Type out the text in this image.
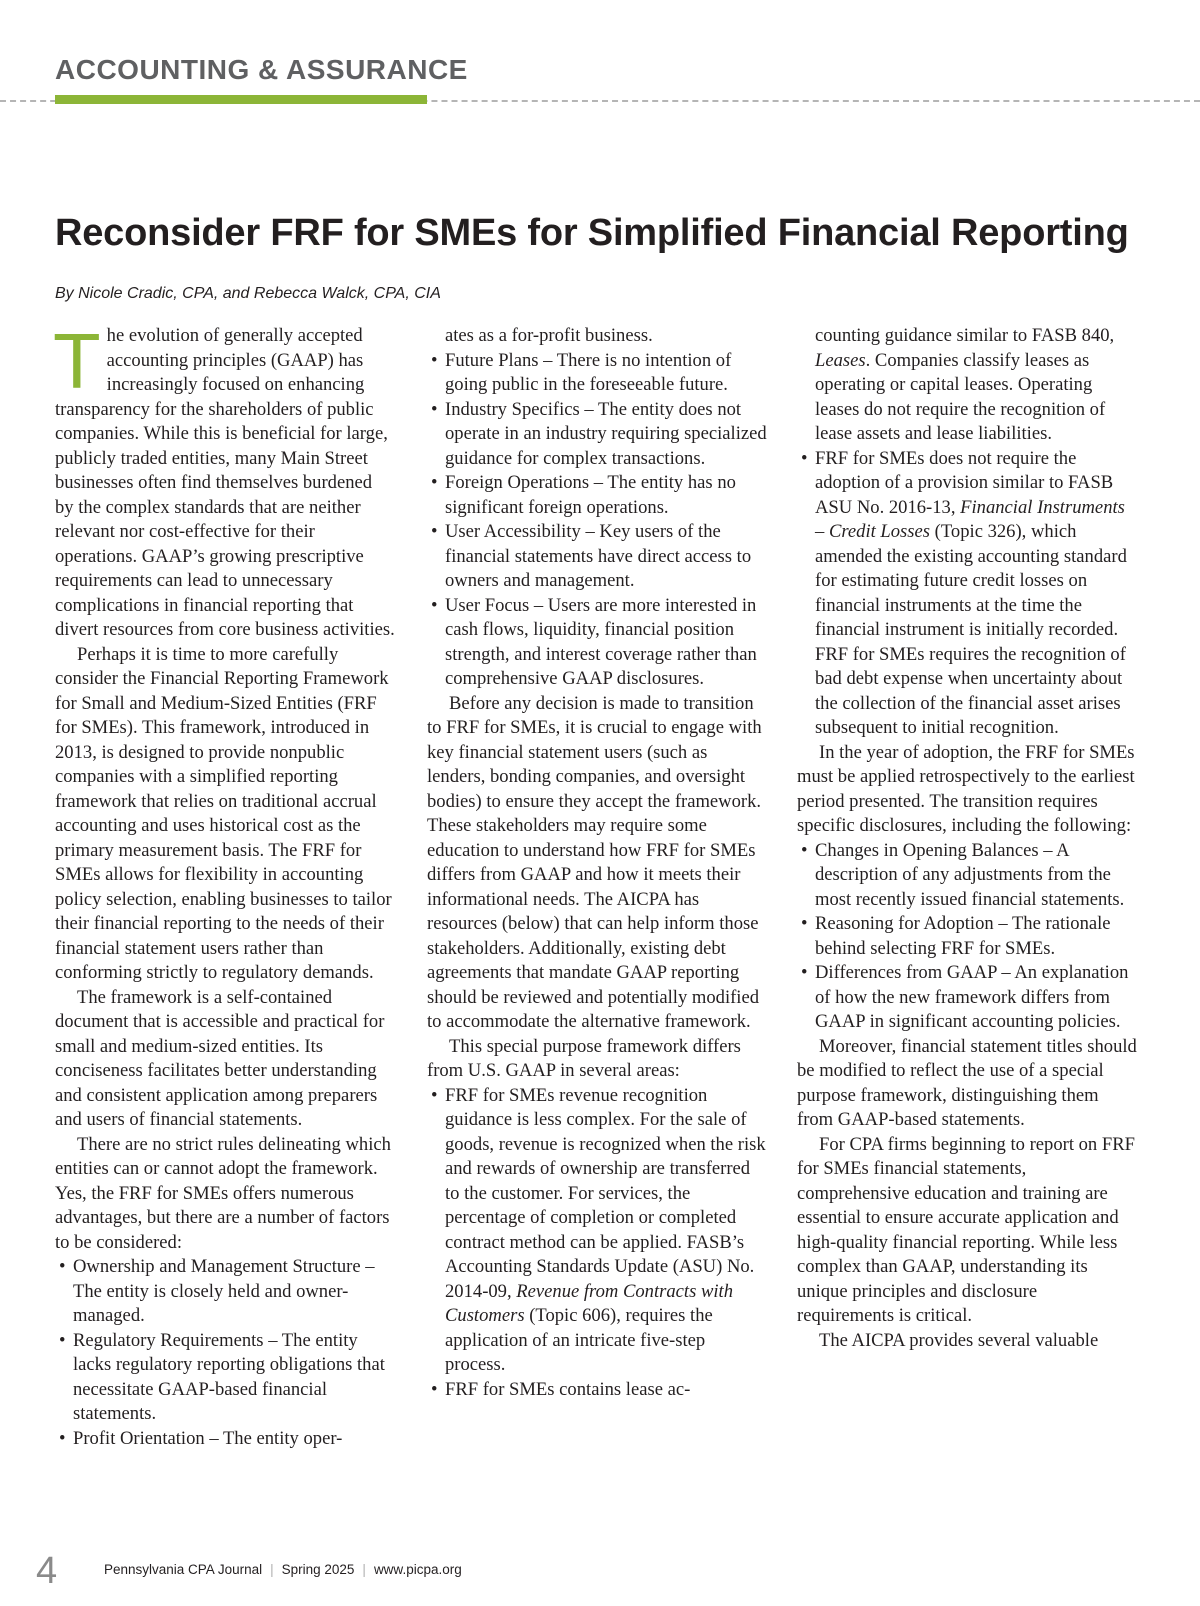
ACCOUNTING & ASSURANCE
Reconsider FRF for SMEs for Simplified Financial Reporting
By Nicole Cradic, CPA, and Rebecca Walck, CPA, CIA

The evolution of generally accepted accounting principles (GAAP) has increasingly focused on enhancing transparency for the shareholders of public companies. While this is beneficial for large, publicly traded entities, many Main Street businesses often find themselves burdened by the complex standards that are neither relevant nor cost-effective for their operations. GAAP’s growing prescriptive requirements can lead to unnecessary complications in financial reporting that divert resources from core business activities.

Perhaps it is time to more carefully consider the Financial Reporting Framework for Small and Medium-Sized Entities (FRF for SMEs). This framework, introduced in 2013, is designed to provide nonpublic companies with a simplified reporting framework that relies on traditional accrual accounting and uses historical cost as the primary measurement basis. The FRF for SMEs allows for flexibility in accounting policy selection, enabling businesses to tailor their financial reporting to the needs of their financial statement users rather than conforming strictly to regulatory demands.

The framework is a self-contained document that is accessible and practical for small and medium-sized entities. Its conciseness facilitates better understanding and consistent application among preparers and users of financial statements.

There are no strict rules delineating which entities can or cannot adopt the framework. Yes, the FRF for SMEs offers numerous advantages, but there are a number of factors to be considered:

• Ownership and Management Structure – The entity is closely held and owner-managed.
• Regulatory Requirements – The entity lacks regulatory reporting obligations that necessitate GAAP-based financial statements.
• Profit Orientation – The entity oper-
ates as a for-profit business.
• Future Plans – There is no intention of going public in the foreseeable future.
• Industry Specifics – The entity does not operate in an industry requiring specialized guidance for complex transactions.
• Foreign Operations – The entity has no significant foreign operations.
• User Accessibility – Key users of the financial statements have direct access to owners and management.
• User Focus – Users are more interested in cash flows, liquidity, financial position strength, and interest coverage rather than comprehensive GAAP disclosures.

Before any decision is made to transition to FRF for SMEs, it is crucial to engage with key financial statement users (such as lenders, bonding companies, and oversight bodies) to ensure they accept the framework. These stakeholders may require some education to understand how FRF for SMEs differs from GAAP and how it meets their informational needs. The AICPA has resources (below) that can help inform those stakeholders. Additionally, existing debt agreements that mandate GAAP reporting should be reviewed and potentially modified to accommodate the alternative framework.

This special purpose framework differs from U.S. GAAP in several areas:

• FRF for SMEs revenue recognition guidance is less complex. For the sale of goods, revenue is recognized when the risk and rewards of ownership are transferred to the customer. For services, the percentage of completion or completed contract method can be applied. FASB’s Accounting Standards Update (ASU) No. 2014-09, Revenue from Contracts with Customers (Topic 606), requires the application of an intricate five-step process.
• FRF for SMEs contains lease ac-
counting guidance similar to FASB 840, Leases. Companies classify leases as operating or capital leases. Operating leases do not require the recognition of lease assets and lease liabilities.
• FRF for SMEs does not require the adoption of a provision similar to FASB ASU No. 2016-13, Financial Instruments – Credit Losses (Topic 326), which amended the existing accounting standard for estimating future credit losses on financial instruments at the time the financial instrument is initially recorded. FRF for SMEs requires the recognition of bad debt expense when uncertainty about the collection of the financial asset arises subsequent to initial recognition.

In the year of adoption, the FRF for SMEs must be applied retrospectively to the earliest period presented. The transition requires specific disclosures, including the following:

• Changes in Opening Balances – A description of any adjustments from the most recently issued financial statements.
• Reasoning for Adoption – The rationale behind selecting FRF for SMEs.
• Differences from GAAP – An explanation of how the new framework differs from GAAP in significant accounting policies.

Moreover, financial statement titles should be modified to reflect the use of a special purpose framework, distinguishing them from GAAP-based statements.

For CPA firms beginning to report on FRF for SMEs financial statements, comprehensive education and training are essential to ensure accurate application and high-quality financial reporting. While less complex than GAAP, understanding its unique principles and disclosure requirements is critical.

The AICPA provides several valuable

4	Pennsylvania CPA Journal | Spring 2025 | www.picpa.org
